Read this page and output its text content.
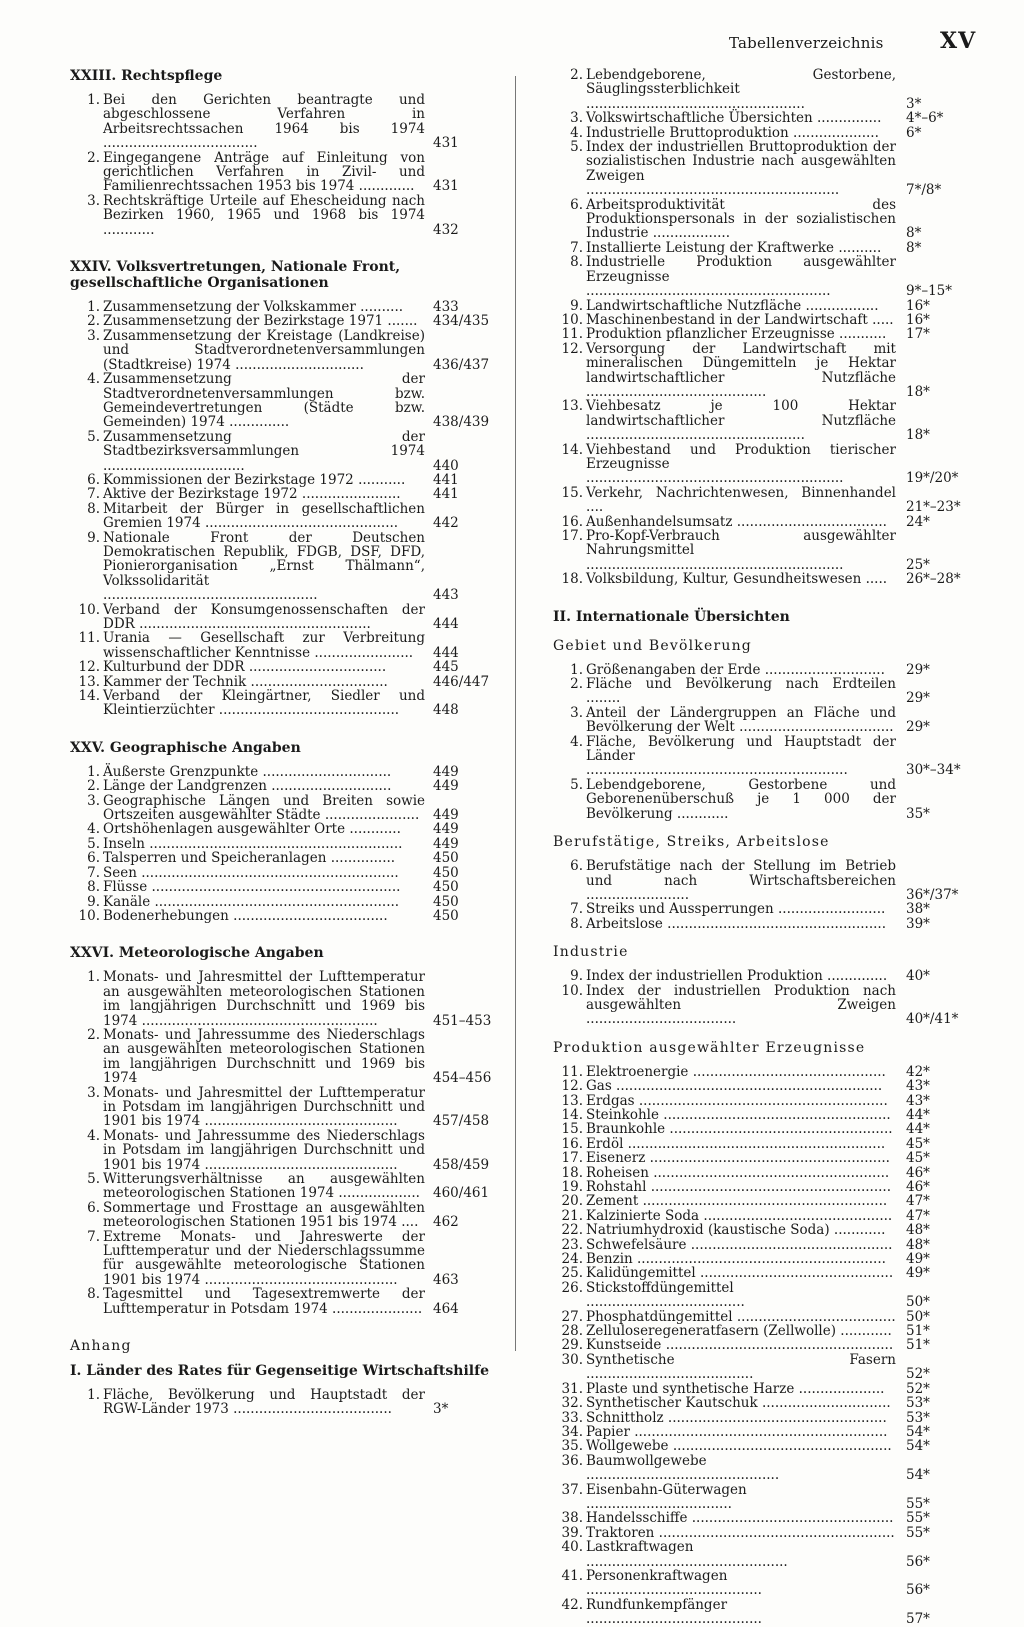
Tabellenverzeichnis	XV
XXIII. Rechtspflege
1. Bei den Gerichten beantragte und abgeschlossene Verfahren in Arbeitsrechtssachen 1964 bis 1974 ....................................	431
2. Eingegangene Anträge auf Einleitung von gerichtlichen Verfahren in Zivil- und Familienrechtssachen 1953 bis 1974 .............	431
3. Rechtskräftige Urteile auf Ehescheidung nach Bezirken 1960, 1965 und 1968 bis 1974 ............	432
XXIV. Volksvertretungen, Nationale Front, gesellschaftliche Organisationen
1. Zusammensetzung der Volkskammer ..........	433
2. Zusammensetzung der Bezirkstage 1971 .......	434/435
3. Zusammensetzung der Kreistage (Landkreise) und Stadtverordnetenversammlungen (Stadtkreise) 1974 ..............................	436/437
4. Zusammensetzung der Stadtverordnetenversammlungen bzw. Gemeindevertretungen (Städte bzw. Gemeinden) 1974 ..............	438/439
5. Zusammensetzung der Stadtbezirksversammlungen 1974 .................................	440
6. Kommissionen der Bezirkstage 1972 ...........	441
7. Aktive der Bezirkstage 1972 .......................	441
8. Mitarbeit der Bürger in gesellschaftlichen Gremien 1974 .............................................	442
9. Nationale Front der Deutschen Demokratischen Republik, FDGB, DSF, DFD, Pionierorganisation „Ernst Thälmann“, Volkssolidarität ..................................................	443
10. Verband der Konsumgenossenschaften der DDR ......................................................	444
11. Urania — Gesellschaft zur Verbreitung wissenschaftlicher Kenntnisse .......................	444
12. Kulturbund der DDR ................................	445
13. Kammer der Technik ................................	446/447
14. Verband der Kleingärtner, Siedler und Kleintierzüchter ..........................................	448
XXV. Geographische Angaben
1. Äußerste Grenzpunkte ..............................	449
2. Länge der Landgrenzen ............................	449
3. Geographische Längen und Breiten sowie Ortszeiten ausgewählter Städte ......................	449
4. Ortshöhenlagen ausgewählter Orte ............	449
5. Inseln ...........................................................	449
6. Talsperren und Speicheranlagen ...............	450
7. Seen ............................................................	450
8. Flüsse ..........................................................	450
9. Kanäle .........................................................	450
10. Bodenerhebungen ....................................	450
XXVI. Meteorologische Angaben
1. Monats- und Jahresmittel der Lufttemperatur an ausgewählten meteorologischen Stationen im langjährigen Durchschnitt und 1969 bis 1974 .......................................................	451–453
2. Monats- und Jahressumme des Niederschlags an ausgewählten meteorologischen Stationen im langjährigen Durchschnitt und 1969 bis 1974	454–456
3. Monats- und Jahresmittel der Lufttemperatur in Potsdam im langjährigen Durchschnitt und 1901 bis 1974 .............................................	457/458
4. Monats- und Jahressumme des Niederschlags in Potsdam im langjährigen Durchschnitt und 1901 bis 1974 .............................................	458/459
5. Witterungsverhältnisse an ausgewählten meteorologischen Stationen 1974 ................... 460/461
6. Sommertage und Frosttage an ausgewählten meteorologischen Stationen 1951 bis 1974 ....	462
7. Extreme Monats- und Jahreswerte der Lufttemperatur und der Niederschlagssumme für ausgewählte meteorologische Stationen 1901 bis 1974 .............................................	463
8. Tagesmittel und Tagesextremwerte der Lufttemperatur in Potsdam 1974 ..................... 464
Anhang
I. Länder des Rates für Gegenseitige Wirtschaftshilfe
1. Fläche, Bevölkerung und Hauptstadt der RGW-Länder 1973 .....................................	3*
2. Lebendgeborene, Gestorbene, Säuglingssterblichkeit ...................................................	3*
3. Volkswirtschaftliche Übersichten ...............	4*–6*
4. Industrielle Bruttoproduktion ....................	6*
5. Index der industriellen Bruttoproduktion der sozialistischen Industrie nach ausgewählten Zweigen ...........................................................	7*/8*
6. Arbeitsproduktivität des Produktionspersonals in der sozialistischen Industrie ..................	8*
7. Installierte Leistung der Kraftwerke ..........	8*
8. Industrielle Produktion ausgewählter Erzeugnisse .........................................................	9*–15*
9. Landwirtschaftliche Nutzfläche .................	16*
10. Maschinenbestand in der Landwirtschaft ..... 16*
11. Produktion pflanzlicher Erzeugnisse ...........	17*
12. Versorgung der Landwirtschaft mit mineralischen Düngemitteln je Hektar landwirtschaftlicher Nutzfläche ..........................................	18*
13. Viehbesatz je 100 Hektar landwirtschaftlicher Nutzfläche ...................................................	18*
14. Viehbestand und Produktion tierischer Erzeugnisse ............................................................	19*/20*
15. Verkehr, Nachrichtenwesen, Binnenhandel ....	21*–23*
16. Außenhandelsumsatz ...................................	24*
17. Pro-Kopf-Verbrauch ausgewählter Nahrungsmittel ............................................................	25*
18. Volksbildung, Kultur, Gesundheitswesen .....	26*–28*
II. Internationale Übersichten
Gebiet und Bevölkerung
1. Größenangaben der Erde ............................	29*
2. Fläche und Bevölkerung nach Erdteilen ........	29*
3. Anteil der Ländergruppen an Fläche und Bevölkerung der Welt .................................... 29*
4. Fläche, Bevölkerung und Hauptstadt der Länder .............................................................	30*–34*
5. Lebendgeborene, Gestorbene und Geborenenüberschuß je 1 000 der Bevölkerung ............	35*
Berufstätige, Streiks, Arbeitslose
6. Berufstätige nach der Stellung im Betrieb und nach Wirtschaftsbereichen ........................	36*/37*
7. Streiks und Aussperrungen .........................	38*
8. Arbeitslose ...................................................	39*
Industrie
9. Index der industriellen Produktion ..............	40*
10. Index der industriellen Produktion nach ausgewählten Zweigen ...................................	40*/41*
Produktion ausgewählter Erzeugnisse
11. Elektroenergie .............................................	42*
12. Gas ..............................................................	43*
13. Erdgas ..........................................................	43*
14. Steinkohle .....................................................	44*
15. Braunkohle .................................................... 44*
16. Erdöl ............................................................	45*
17. Eisenerz ........................................................	45*
18. Roheisen .......................................................	46*
19. Rohstahl ........................................................	46*
20. Zement .........................................................	47*
21. Kalzinierte Soda ............................................	47*
22. Natriumhydroxid (kaustische Soda) ............	48*
23. Schwefelsäure ...............................................	48*
24. Benzin ..........................................................	49*
25. Kalidüngemittel ............................................. 49*
26. Stickstoffdüngemittel .....................................	50*
27. Phosphatdüngemittel ..................................... 50*
28. Zelluloseregeneratfasern (Zellwolle) ............	51*
29. Kunstseide ..................................................... 51*
30. Synthetische Fasern .......................................	52*
31. Plaste und synthetische Harze ....................	52*
32. Synthetischer Kautschuk ..............................	53*
33. Schnittholz ...................................................	53*
34. Papier ...........................................................	54*
35. Wollgewebe ...................................................	54*
36. Baumwollgewebe .............................................	54*
37. Eisenbahn-Güterwagen ..................................	55*
38. Handelsschiffe ............................................... 55*
39. Traktoren ....................................................... 55*
40. Lastkraftwagen ...............................................	56*
41. Personenkraftwagen .........................................	56*
42. Rundfunkempfänger .........................................	57*
